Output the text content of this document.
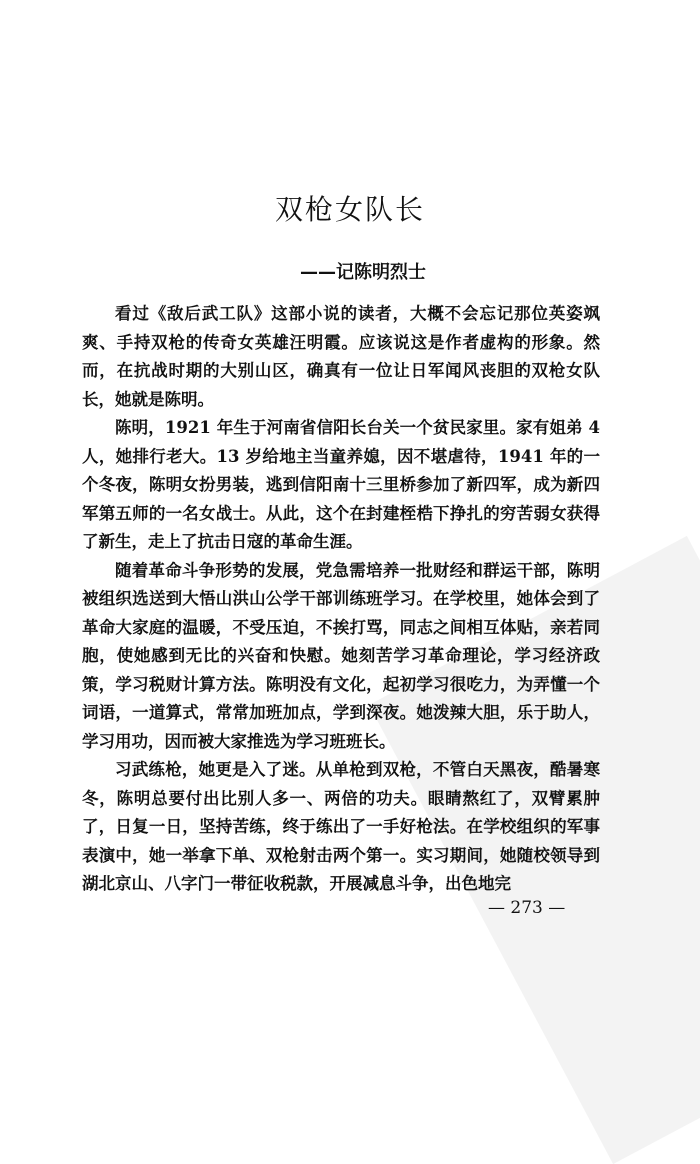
双枪女队长
——记陈明烈士

看过《敌后武工队》这部小说的读者，大概不会忘记那位英姿飒爽、手持双枪的传奇女英雄汪明霞。应该说这是作者虚构的形象。然而，在抗战时期的大别山区，确真有一位让日军闻风丧胆的双枪女队长，她就是陈明。

陈明，1921 年生于河南省信阳长台关一个贫民家里。家有姐弟 4 人，她排行老大。13 岁给地主当童养媳，因不堪虐待，1941 年的一个冬夜，陈明女扮男装，逃到信阳南十三里桥参加了新四军，成为新四军第五师的一名女战士。从此，这个在封建桎梏下挣扎的穷苦弱女获得了新生，走上了抗击日寇的革命生涯。

随着革命斗争形势的发展，党急需培养一批财经和群运干部，陈明被组织选送到大悟山洪山公学干部训练班学习。在学校里，她体会到了革命大家庭的温暖，不受压迫，不挨打骂，同志之间相互体贴，亲若同胞，使她感到无比的兴奋和快慰。她刻苦学习革命理论，学习经济政策，学习税财计算方法。陈明没有文化，起初学习很吃力，为弄懂一个词语，一道算式，常常加班加点，学到深夜。她泼辣大胆，乐于助人，学习用功，因而被大家推选为学习班班长。

习武练枪，她更是入了迷。从单枪到双枪，不管白天黑夜，酷暑寒冬，陈明总要付出比别人多一、两倍的功夫。眼睛熬红了，双臂累肿了，日复一日，坚持苦练，终于练出了一手好枪法。在学校组织的军事表演中，她一举拿下单、双枪射击两个第一。实习期间，她随校领导到湖北京山、八字门一带征收税款，开展减息斗争，出色地完

— 273 —
